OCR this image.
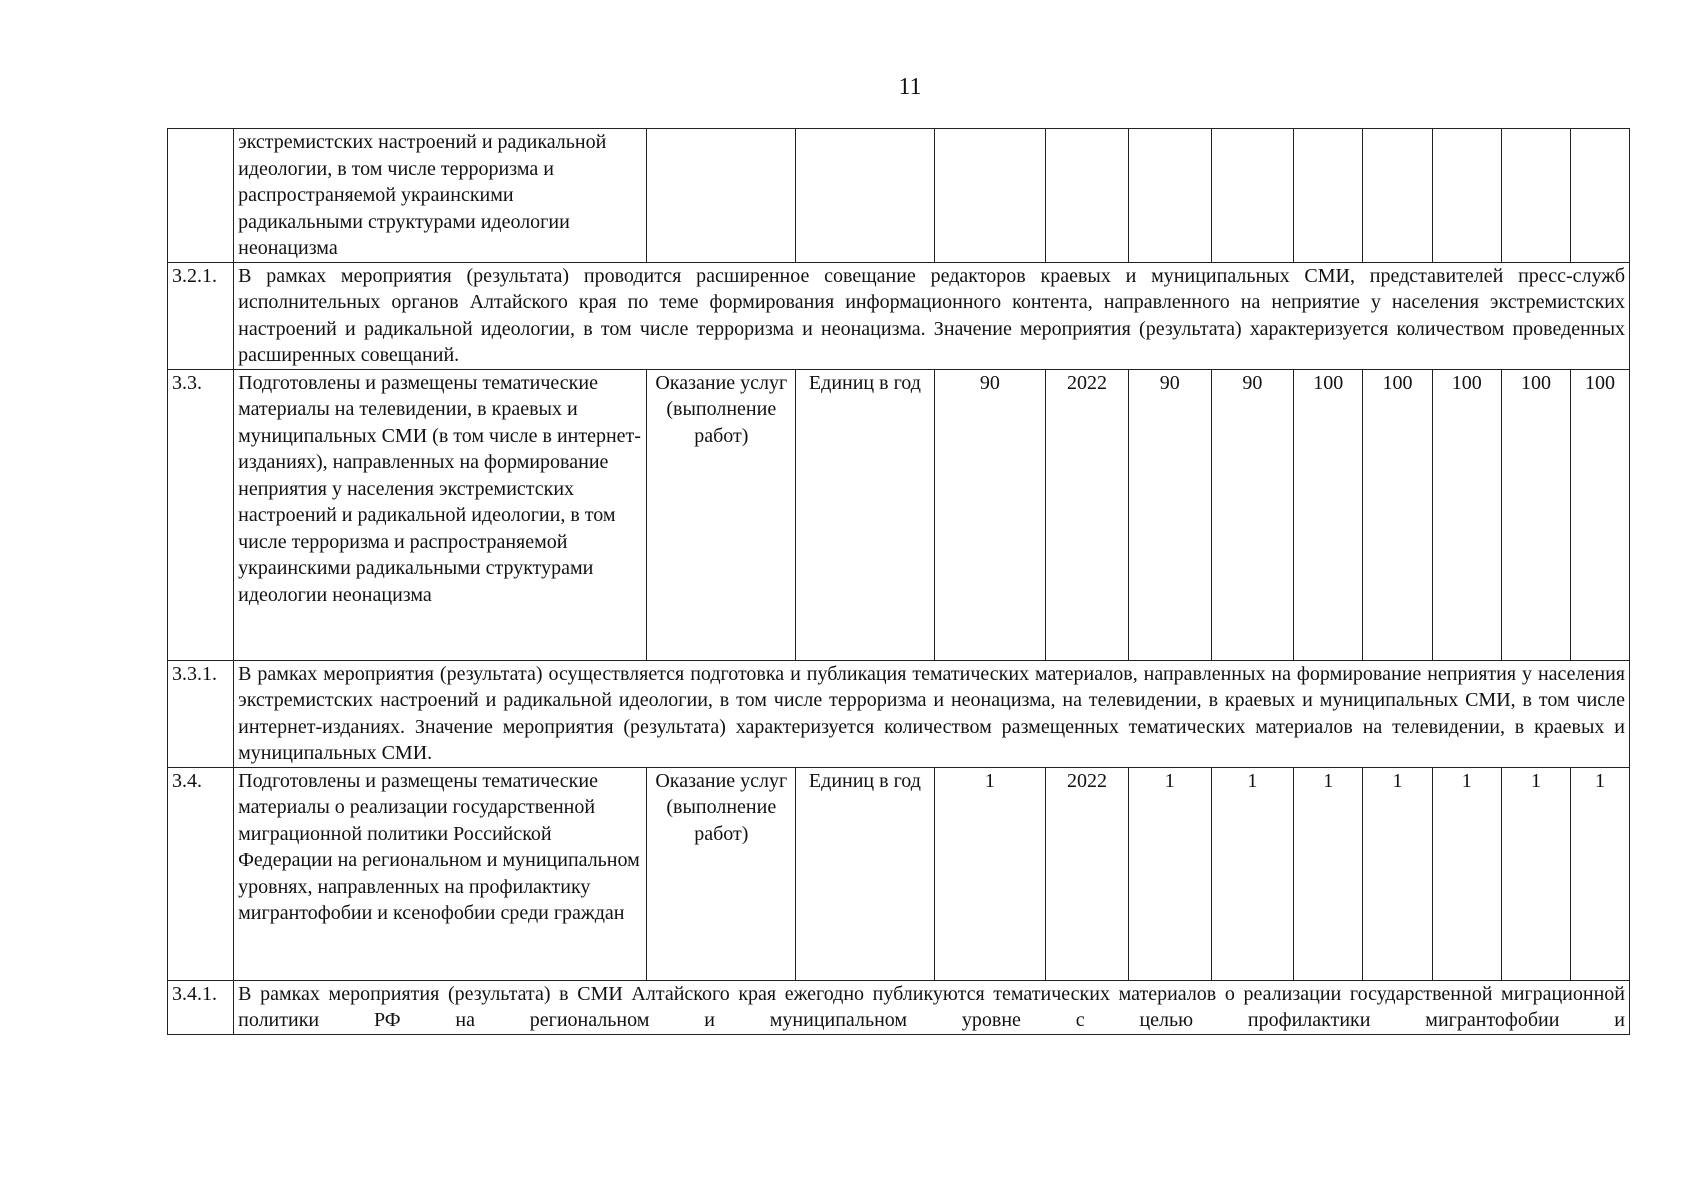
11
	экстремистских настроений и радикальной идеологии, в том числе терроризма и распространяемой украинскими радикальными структурами идеологии неонацизма											
3.2.1.	В рамках мероприятия (результата) проводится расширенное совещание редакторов краевых и муниципальных СМИ, представителей пресс-служб исполнительных органов Алтайского края по теме формирования информационного контента, направленного на неприятие у населения экстремистских настроений и радикальной идеологии, в том числе терроризма и неонацизма. Значение мероприятия (результата) характеризуется количеством проведенных расширенных совещаний.											
3.3.	Подготовлены и размещены тематические материалы на телевидении, в краевых и муниципальных СМИ (в том числе в интернет-изданиях), направленных на формирование неприятия у населения экстремистских настроений и радикальной идеологии, в том числе терроризма и распространяемой украинскими радикальными структурами идеологии неонацизма	Оказание услуг (выполнение работ)	Единиц в год	90	2022	90	90	100	100	100	100	100
3.3.1.	В рамках мероприятия (результата) осуществляется подготовка и публикация тематических материалов, направленных на формирование неприятия у населения экстремистских настроений и радикальной идеологии, в том числе терроризма и неонацизма, на телевидении, в краевых и муниципальных СМИ, в том числе интернет-изданиях. Значение мероприятия (результата) характеризуется количеством размещенных тематических материалов на телевидении, в краевых и муниципальных СМИ.											
3.4.	Подготовлены и размещены тематические материалы о реализации государственной миграционной политики Российской Федерации на региональном и муниципальном уровнях, направленных на профилактику мигрантофобии и ксенофобии среди граждан	Оказание услуг (выполнение работ)	Единиц в год	1	2022	1	1	1	1	1	1	1
3.4.1.	В рамках мероприятия (результата) в СМИ Алтайского края ежегодно публикуются тематических материалов о реализации государственной миграционной политики РФ на региональном и муниципальном уровне с целью профилактики мигрантофобии и											
